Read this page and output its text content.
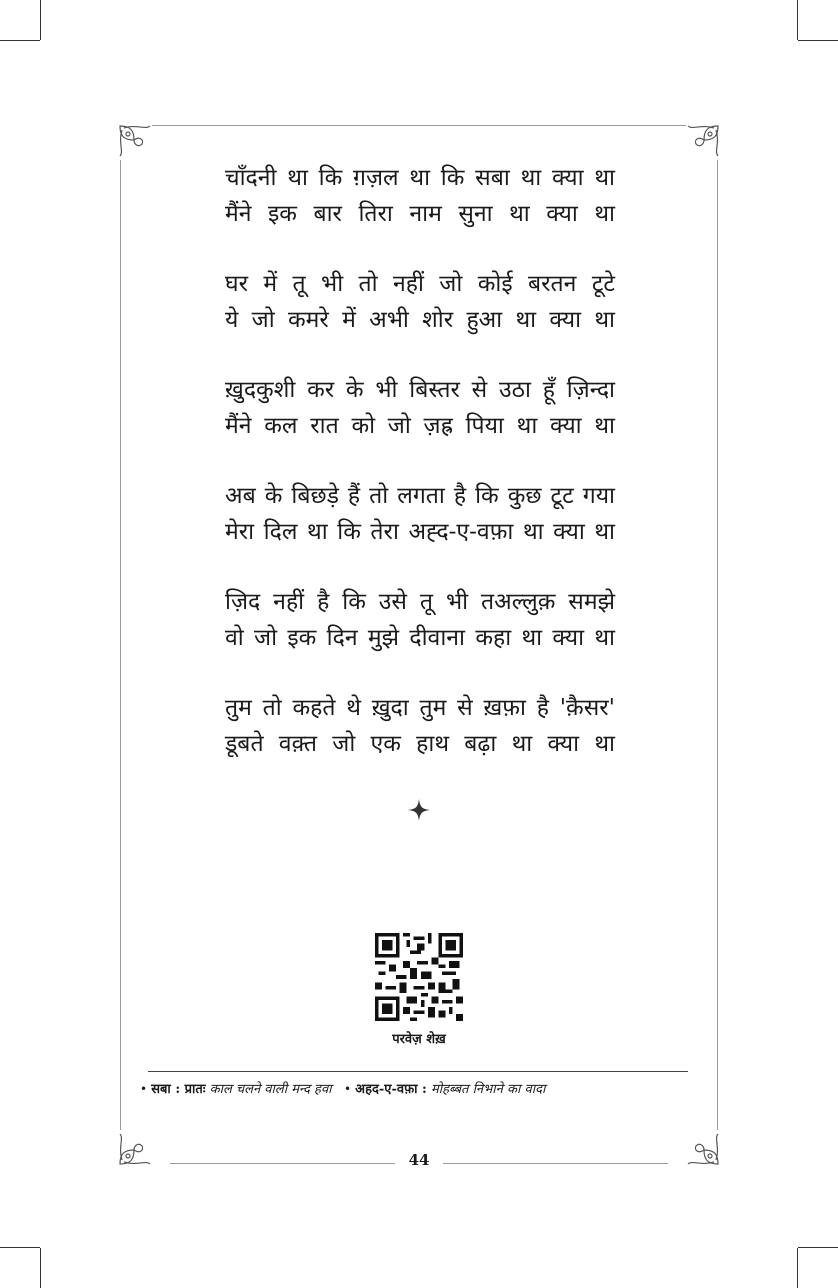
चाँदनी था कि ग़ज़ल था कि सबा था क्या था
मैंने इक बार तिरा नाम सुना था क्या था
घर में तू भी तो नहीं जो कोई बरतन टूटे
ये जो कमरे में अभी शोर हुआ था क्या था
ख़ुदकुशी कर के भी बिस्तर से उठा हूँ ज़िन्दा
मैंने कल रात को जो ज़ह्र पिया था क्या था
अब के बिछड़े हैं तो लगता है कि कुछ टूट गया
मेरा दिल था कि तेरा अह्द-ए-वफ़ा था क्या था
ज़िद नहीं है कि उसे तू भी तअल्लुक़ समझे
वो जो इक दिन मुझे दीवाना कहा था क्या था
तुम तो कहते थे ख़ुदा तुम से ख़फ़ा है 'क़ैसर'
डूबते वक़्त जो एक हाथ बढ़ा था क्या था
परवेज़ शेख़
• सबा : प्रातः काल चलने वाली मन्द हवा • अहद-ए-वफ़ा : मोहब्बत निभाने का वादा
44
